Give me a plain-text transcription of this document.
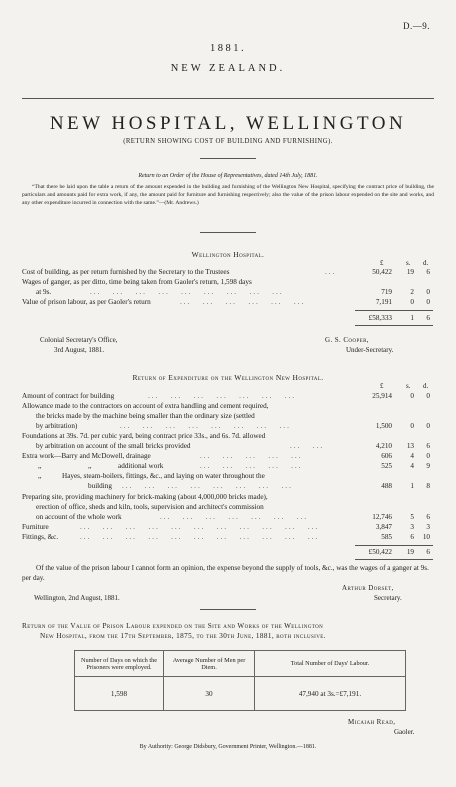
D.—9.
1881.
NEW ZEALAND.
NEW HOSPITAL, WELLINGTON
(RETURN SHOWING COST OF BUILDING AND FURNISHING).
Return to an Order of the House of Representatives, dated 14th July, 1881.
“That there be laid upon the table a return of the amount expended in the building and furnishing of the Wellington New Hospital, specifying the contract price of building, the particulars and amounts paid for extra work, if any, the amount paid for furniture and furnishing respectively; also the value of the prison labour expended on the site and works, and any other expenditure incurred in connection with the same.”—(Mr. Andrews.)
Wellington Hospital.
£	s. d.
Cost of building, as per return furnished by the Secretary to the Trustees	...	50,422	19	6
Wages of ganger, as per ditto, time being taken from Gaoler's return, 1,598 days
at 9s.	...   ...   ...   ...   ...   ...   ...   ...   ...	719	2	0
Value of prison labour, as per Gaoler's return	...   ...   ...   ...   ...   ...	7,191	0	0
£58,333	1	6
Colonial Secretary's Office,
3rd August, 1881.
G. S. Cooper,
Under-Secretary.
Return of Expenditure on the Wellington New Hospital.
£	s. d.
Amount of contract for building	...   ...   ...   ...   ...   ...   ...	25,914	0	0
Allowance made to the contractors on account of extra handling and cement required,
the bricks made by the machine being smaller than the ordinary size (settled
by arbitration)	...   ...   ...   ...   ...   ...   ...   ...	1,500	0	0
Foundations at 39s. 7d. per cubic yard, being contract price 33s., and 6s. 7d. allowed
by arbitration on account of the small bricks provided	...   ...	4,210	13	6
Extra work—Barry and McDowell, drainage	...   ...   ...   ...   ...	606	4	0
,,	,,	additional work	...   ...   ...   ...   ...	525	4	9
,,	Hayes, steam-boilers, fittings, &c., and laying on water throughout the
building ...   ...   ...   ...   ...   ...   ...   ...	488	1	8
Preparing site, providing machinery for brick-making (about 4,000,000 bricks made),
erection of office, sheds and kiln, tools, supervision and architect's commission
on account of the whole work	...   ...   ...   ...   ...   ...   ...	12,746	5	6
Furniture	...   ...   ...   ...   ...   ...   ...   ...   ...   ...   ...	3,847	3	3
Fittings, &c.	...   ...   ...   ...   ...   ...   ...   ...   ...   ...   ...	585	6	10
£50,422	19	6
Of the value of the prison labour I cannot form an opinion, the expense beyond the supply of tools, &c., was the wages of a ganger at 9s. per day.
Arthur Dorset,
Wellington, 2nd August, 1881.	Secretary.
Return of the Value of Prison Labour expended on the Site and Works of the Wellington
New Hospital, from the 17th September, 1875, to the 30th June, 1881, both inclusive.
Number of Days on which the Prisoners were employed.	Average Number of Men per Diem.	Total Number of Days' Labour.
1,598	30	47,940 at 3s.=£7,191.
Micaiah Read,
Gaoler.
By Authority: George Didsbury, Government Printer, Wellington.—1881.
